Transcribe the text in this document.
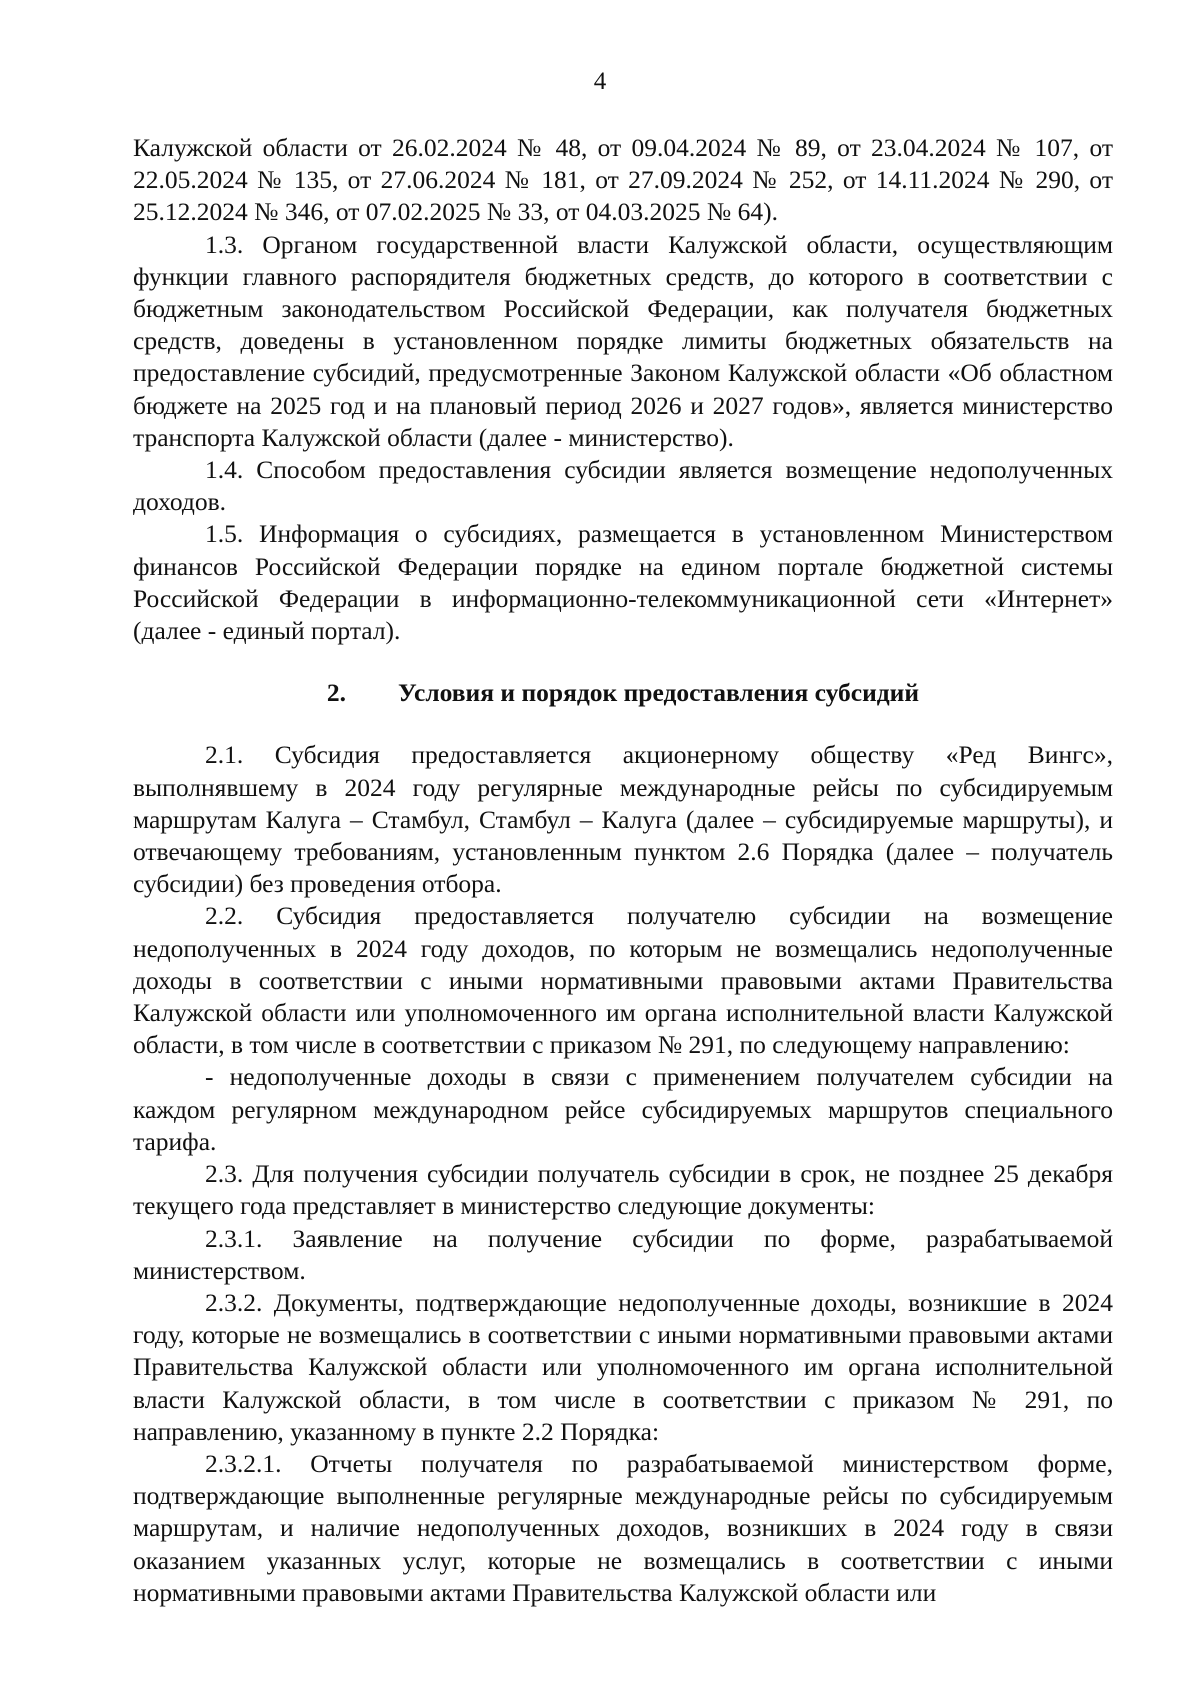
4

Калужской области от 26.02.2024 № 48, от 09.04.2024 № 89, от 23.04.2024 № 107, от 22.05.2024 № 135, от 27.06.2024 № 181, от 27.09.2024 № 252, от 14.11.2024 № 290, от 25.12.2024 № 346, от 07.02.2025 № 33, от 04.03.2025 № 64).

1.3. Органом государственной власти Калужской области, осуществляющим функции главного распорядителя бюджетных средств, до которого в соответствии с бюджетным законодательством Российской Федерации, как получателя бюджетных средств, доведены в установленном порядке лимиты бюджетных обязательств на предоставление субсидий, предусмотренные Законом Калужской области «Об областном бюджете на 2025 год и на плановый период 2026 и 2027 годов», является министерство транспорта Калужской области (далее - министерство).

1.4. Способом предоставления субсидии является возмещение недополученных доходов.

1.5. Информация о субсидиях, размещается в установленном Министерством финансов Российской Федерации порядке на едином портале бюджетной системы Российской Федерации в информационно-телекоммуникационной сети «Интернет» (далее - единый портал).

2. Условия и порядок предоставления субсидий

2.1. Субсидия предоставляется акционерному обществу «Ред Вингс», выполнявшему в 2024 году регулярные международные рейсы по субсидируемым маршрутам Калуга – Стамбул, Стамбул – Калуга (далее – субсидируемые маршруты), и отвечающему требованиям, установленным пунктом 2.6 Порядка (далее – получатель субсидии) без проведения отбора.

2.2. Субсидия предоставляется получателю субсидии на возмещение недополученных в 2024 году доходов, по которым не возмещались недополученные доходы в соответствии с иными нормативными правовыми актами Правительства Калужской области или уполномоченного им органа исполнительной власти Калужской области, в том числе в соответствии с приказом № 291, по следующему направлению:

- недополученные доходы в связи с применением получателем субсидии на каждом регулярном международном рейсе субсидируемых маршрутов специального тарифа.

2.3. Для получения субсидии получатель субсидии в срок, не позднее 25 декабря текущего года представляет в министерство следующие документы:

2.3.1. Заявление на получение субсидии по форме, разрабатываемой министерством.

2.3.2. Документы, подтверждающие недополученные доходы, возникшие в 2024 году, которые не возмещались в соответствии с иными нормативными правовыми актами Правительства Калужской области или уполномоченного им органа исполнительной власти Калужской области, в том числе в соответствии с приказом № 291, по направлению, указанному в пункте 2.2 Порядка:

2.3.2.1. Отчеты получателя по разрабатываемой министерством форме, подтверждающие выполненные регулярные международные рейсы по субсидируемым маршрутам, и наличие недополученных доходов, возникших в 2024 году в связи оказанием указанных услуг, которые не возмещались в соответствии с иными нормативными правовыми актами Правительства Калужской области или
